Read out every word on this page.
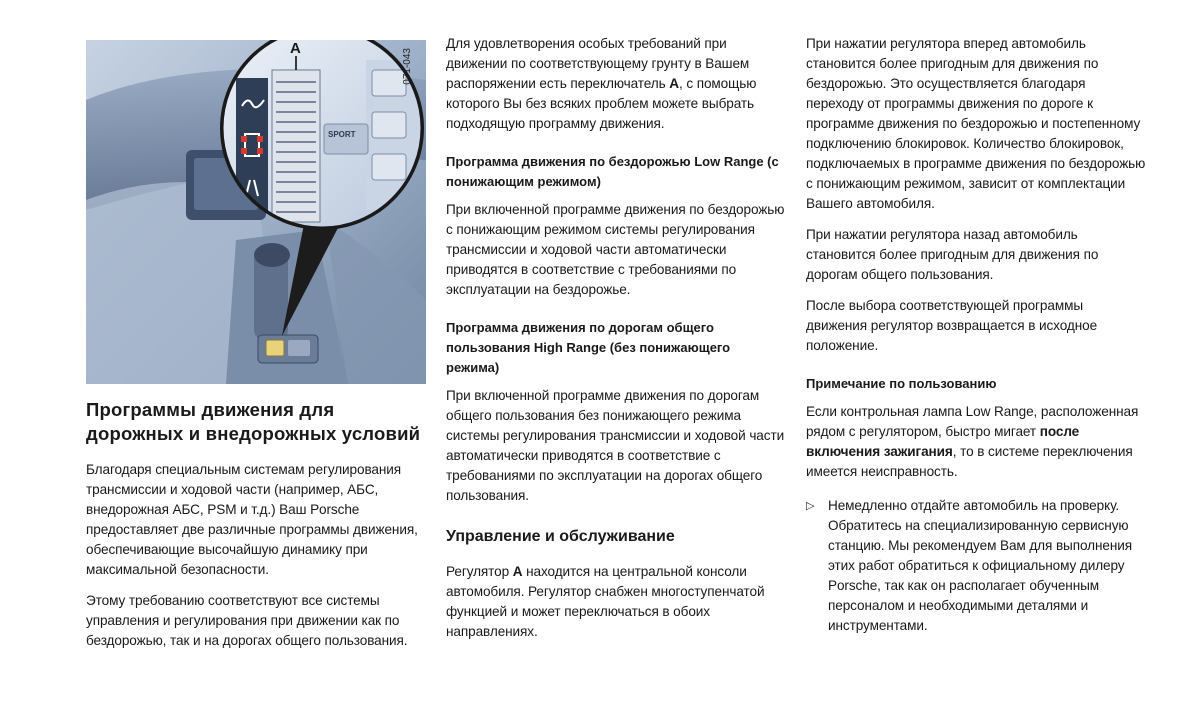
071-043
A
SPORT
Программы движения для дорожных и внедорожных условий

Благодаря специальным системам регулирования трансмиссии и ходовой части (например, АБС, внедорожная АБС, PSM и т.д.) Ваш Porsche предоставляет две различные программы движения, обеспечивающие высочайшую динамику при максимальной безопасности.

Этому требованию соответствуют все системы управления и регулирования при движении как по бездорожью, так и на дорогах общего пользования.

Для удовлетворения особых требований при движении по соответствующему грунту в Вашем распоряжении есть переключатель А, с помощью которого Вы без всяких проблем можете выбрать подходящую программу движения.

Программа движения по бездорожью Low Range (с понижающим режимом)

При включенной программе движения по бездорожью с понижающим режимом системы регулирования трансмиссии и ходовой части автоматически приводятся в соответствие с требованиями по эксплуатации на бездорожье.

Программа движения по дорогам общего пользования High Range (без понижающего режима)

При включенной программе движения по дорогам общего пользования без понижающего режима системы регулирования трансмиссии и ходовой части автоматически приводятся в соответствие с требованиями по эксплуатации на дорогах общего пользования.

Управление и обслуживание

Регулятор А находится на центральной консоли автомобиля. Регулятор снабжен многоступенчатой функцией и может переключаться в обоих направлениях.

При нажатии регулятора вперед автомобиль становится более пригодным для движения по бездорожью. Это осуществляется благодаря переходу от программы движения по дороге к программе движения по бездорожью и постепенному подключению блокировок. Количество блокировок, подключаемых в программе движения по бездорожью с понижающим режимом, зависит от комплектации Вашего автомобиля.

При нажатии регулятора назад автомобиль становится более пригодным для движения по дорогам общего пользования.

После выбора соответствующей программы движения регулятор возвращается в исходное положение.

Примечание по пользованию

Если контрольная лампа Low Range, расположенная рядом с регулятором, быстро мигает после включения зажигания, то в системе переключения имеется неисправность.

▷ Немедленно отдайте автомобиль на проверку. Обратитесь на специализированную сервисную станцию. Мы рекомендуем Вам для выполнения этих работ обратиться к официальному дилеру Porsche, так как он располагает обученным персоналом и необходимыми деталями и инструментами.
